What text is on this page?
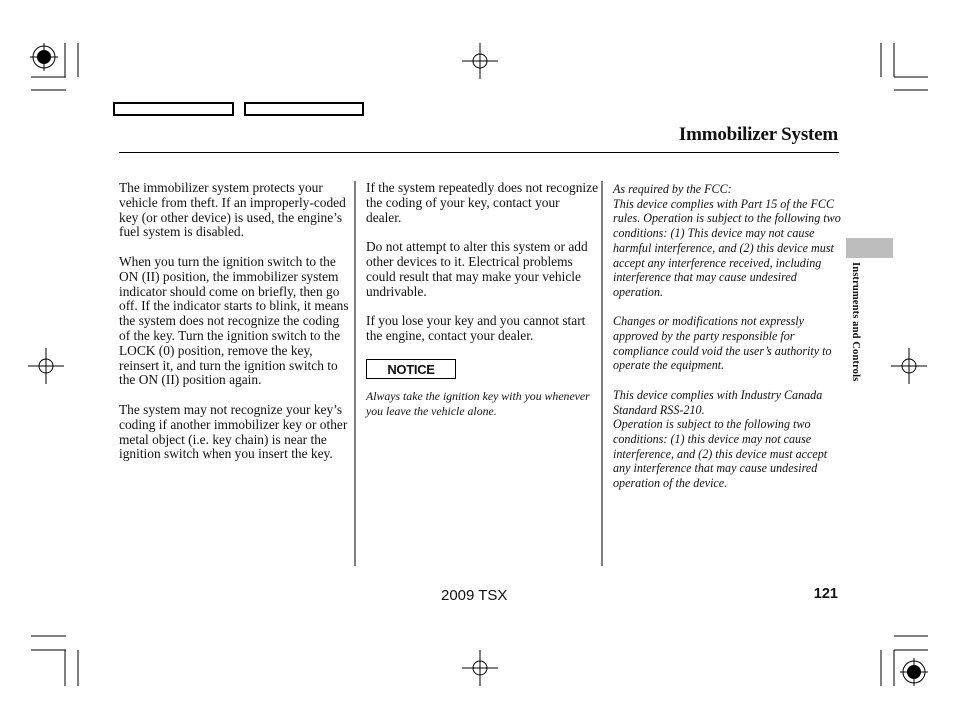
Immobilizer System

The immobilizer system protects your vehicle from theft. If an improperly-coded key (or other device) is used, the engine’s fuel system is disabled.

When you turn the ignition switch to the ON (II) position, the immobilizer system indicator should come on briefly, then go off. If the indicator starts to blink, it means the system does not recognize the coding of the key. Turn the ignition switch to the LOCK (0) position, remove the key, reinsert it, and turn the ignition switch to the ON (II) position again.

The system may not recognize your key’s coding if another immobilizer key or other metal object (i.e. key chain) is near the ignition switch when you insert the key.

If the system repeatedly does not recognize the coding of your key, contact your dealer.

Do not attempt to alter this system or add other devices to it. Electrical problems could result that may make your vehicle undrivable.

If you lose your key and you cannot start the engine, contact your dealer.

NOTICE
Always take the ignition key with you whenever you leave the vehicle alone.

As required by the FCC:

This device complies with Part 15 of the FCC rules. Operation is subject to the following two conditions: (1) This device may not cause harmful interference, and (2) this device must accept any interference received, including interference that may cause undesired operation.

Changes or modifications not expressly approved by the party responsible for compliance could void the user’s authority to operate the equipment.

This device complies with Industry Canada Standard RSS-210.

Operation is subject to the following two conditions: (1) this device may not cause interference, and (2) this device must accept any interference that may cause undesired operation of the device.

Instruments and Controls
2009 TSX	121
